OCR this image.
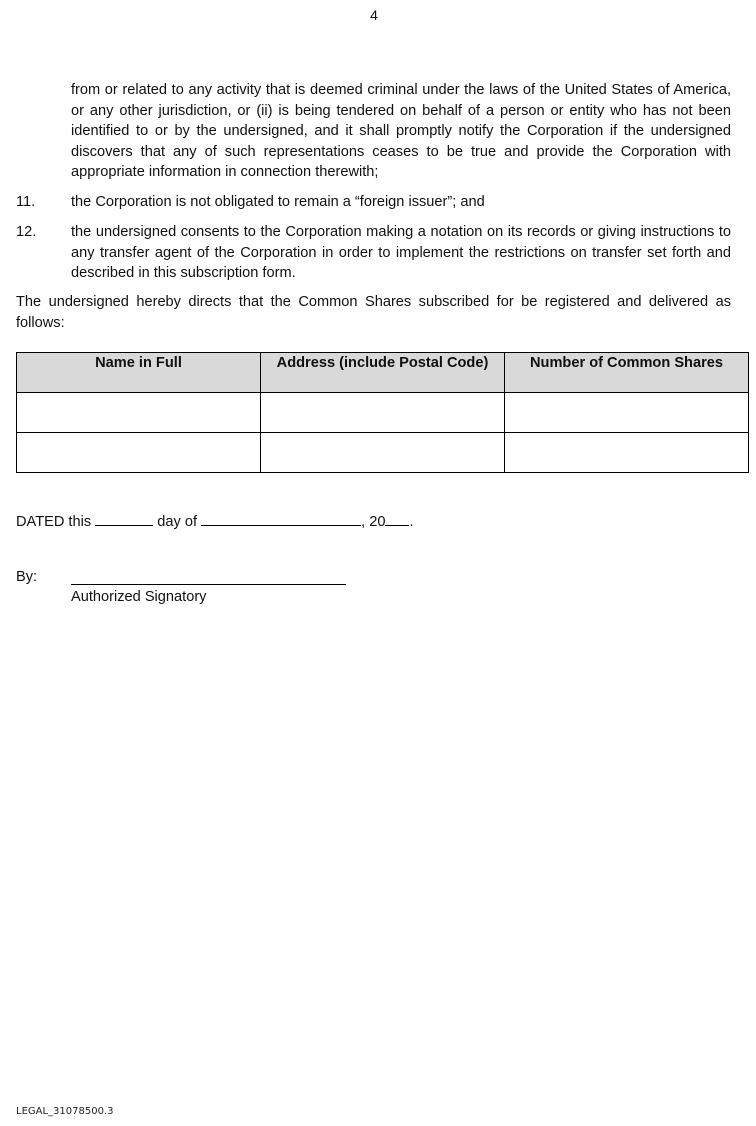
4

from or related to any activity that is deemed criminal under the laws of the United States of America, or any other jurisdiction, or (ii) is being tendered on behalf of a person or entity who has not been identified to or by the undersigned, and it shall promptly notify the Corporation if the undersigned discovers that any of such representations ceases to be true and provide the Corporation with appropriate information in connection therewith;

11. the Corporation is not obligated to remain a “foreign issuer”; and
12. the undersigned consents to the Corporation making a notation on its records or giving instructions to any transfer agent of the Corporation in order to implement the restrictions on transfer set forth and described in this subscription form.

The undersigned hereby directs that the Common Shares subscribed for be registered and delivered as follows:

Name in Full	Address (include Postal Code)	Number of Common Shares

DATED this	day of	, 20 .
By:
Authorized Signatory
LEGAL_31078500.3
